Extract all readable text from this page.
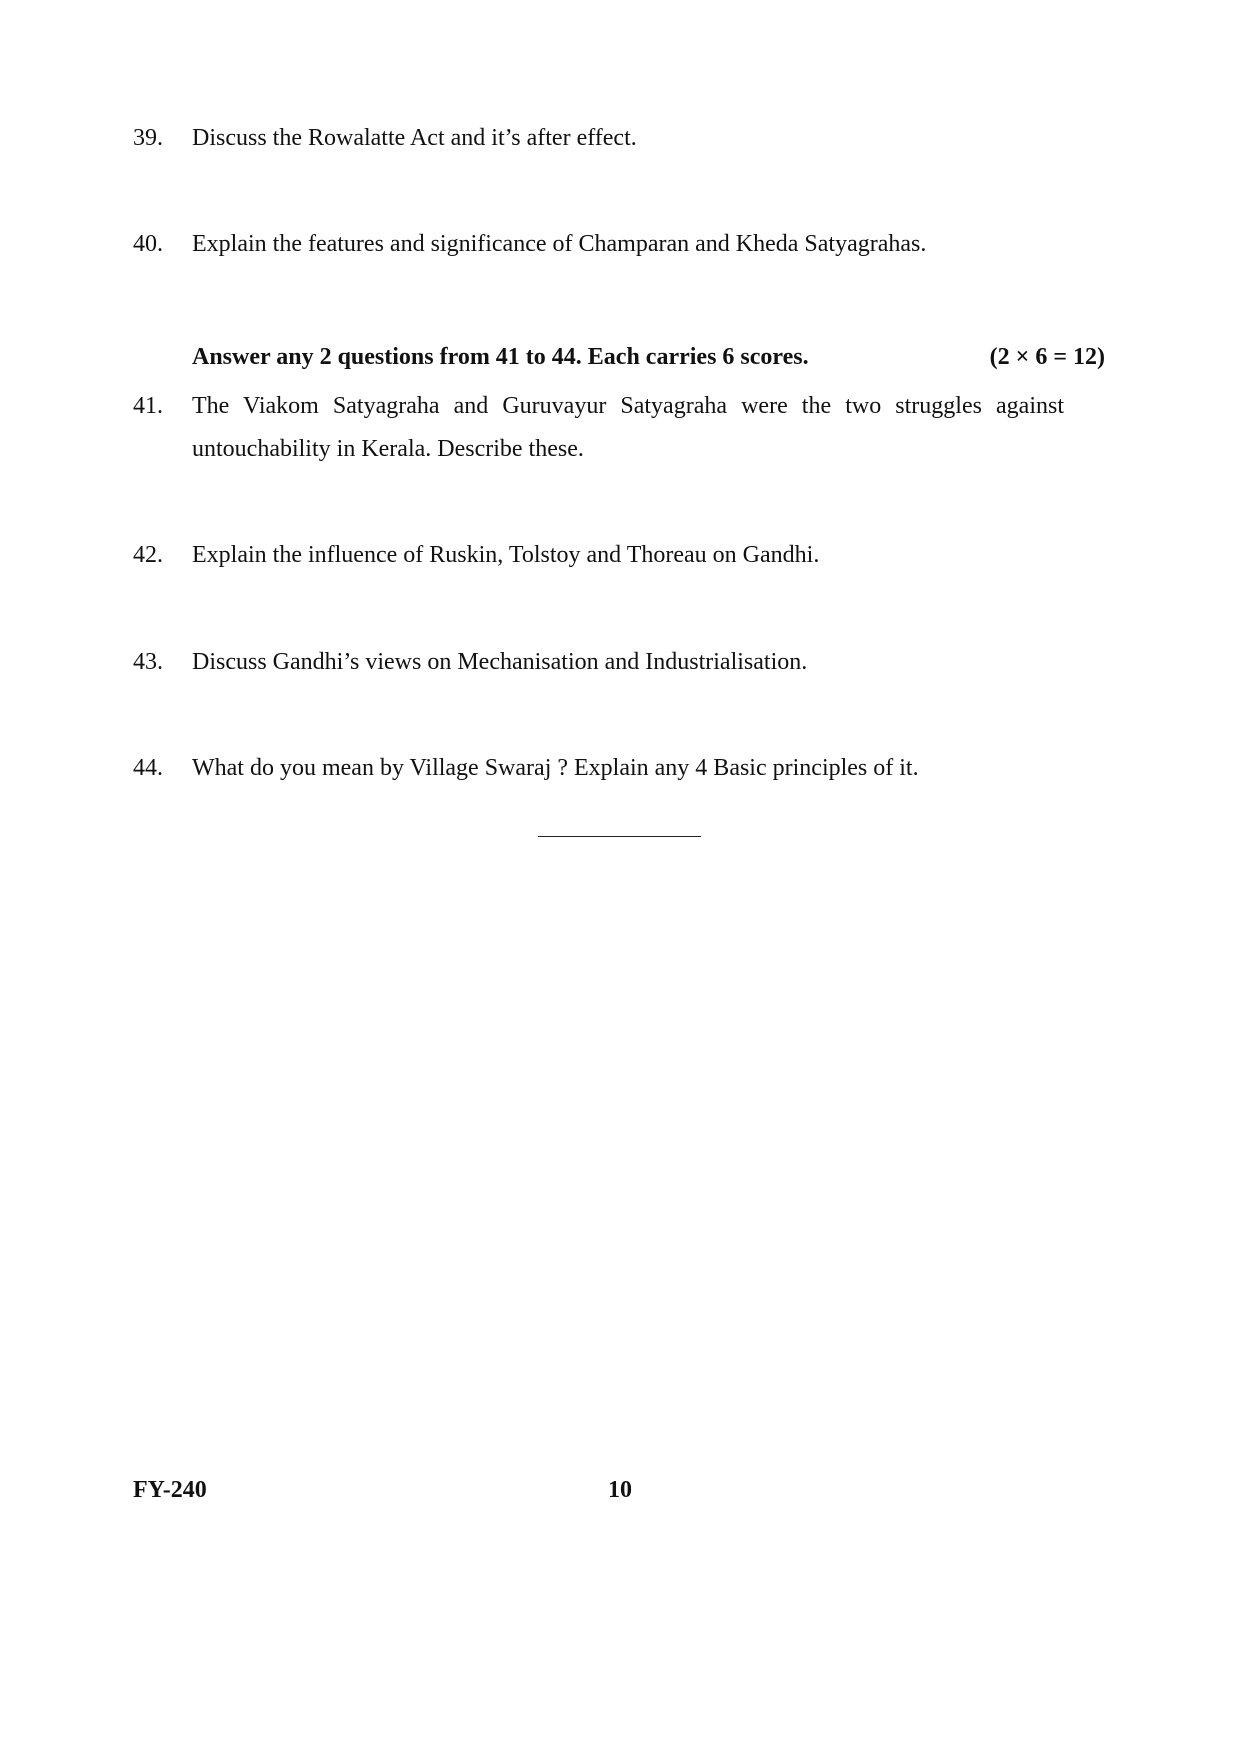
39.	Discuss the Rowalatte Act and it’s after effect.
40.	Explain the features and significance of Champaran and Kheda Satyagrahas.
Answer any 2 questions from 41 to 44. Each carries 6 scores.	(2 × 6 = 12)
41.	The Viakom Satyagraha and Guruvayur Satyagraha were the two struggles against untouchability in Kerala. Describe these.
42.	Explain the influence of Ruskin, Tolstoy and Thoreau on Gandhi.
43.	Discuss Gandhi’s views on Mechanisation and Industrialisation.
44.	What do you mean by Village Swaraj ? Explain any 4 Basic principles of it.
FY-240	10
